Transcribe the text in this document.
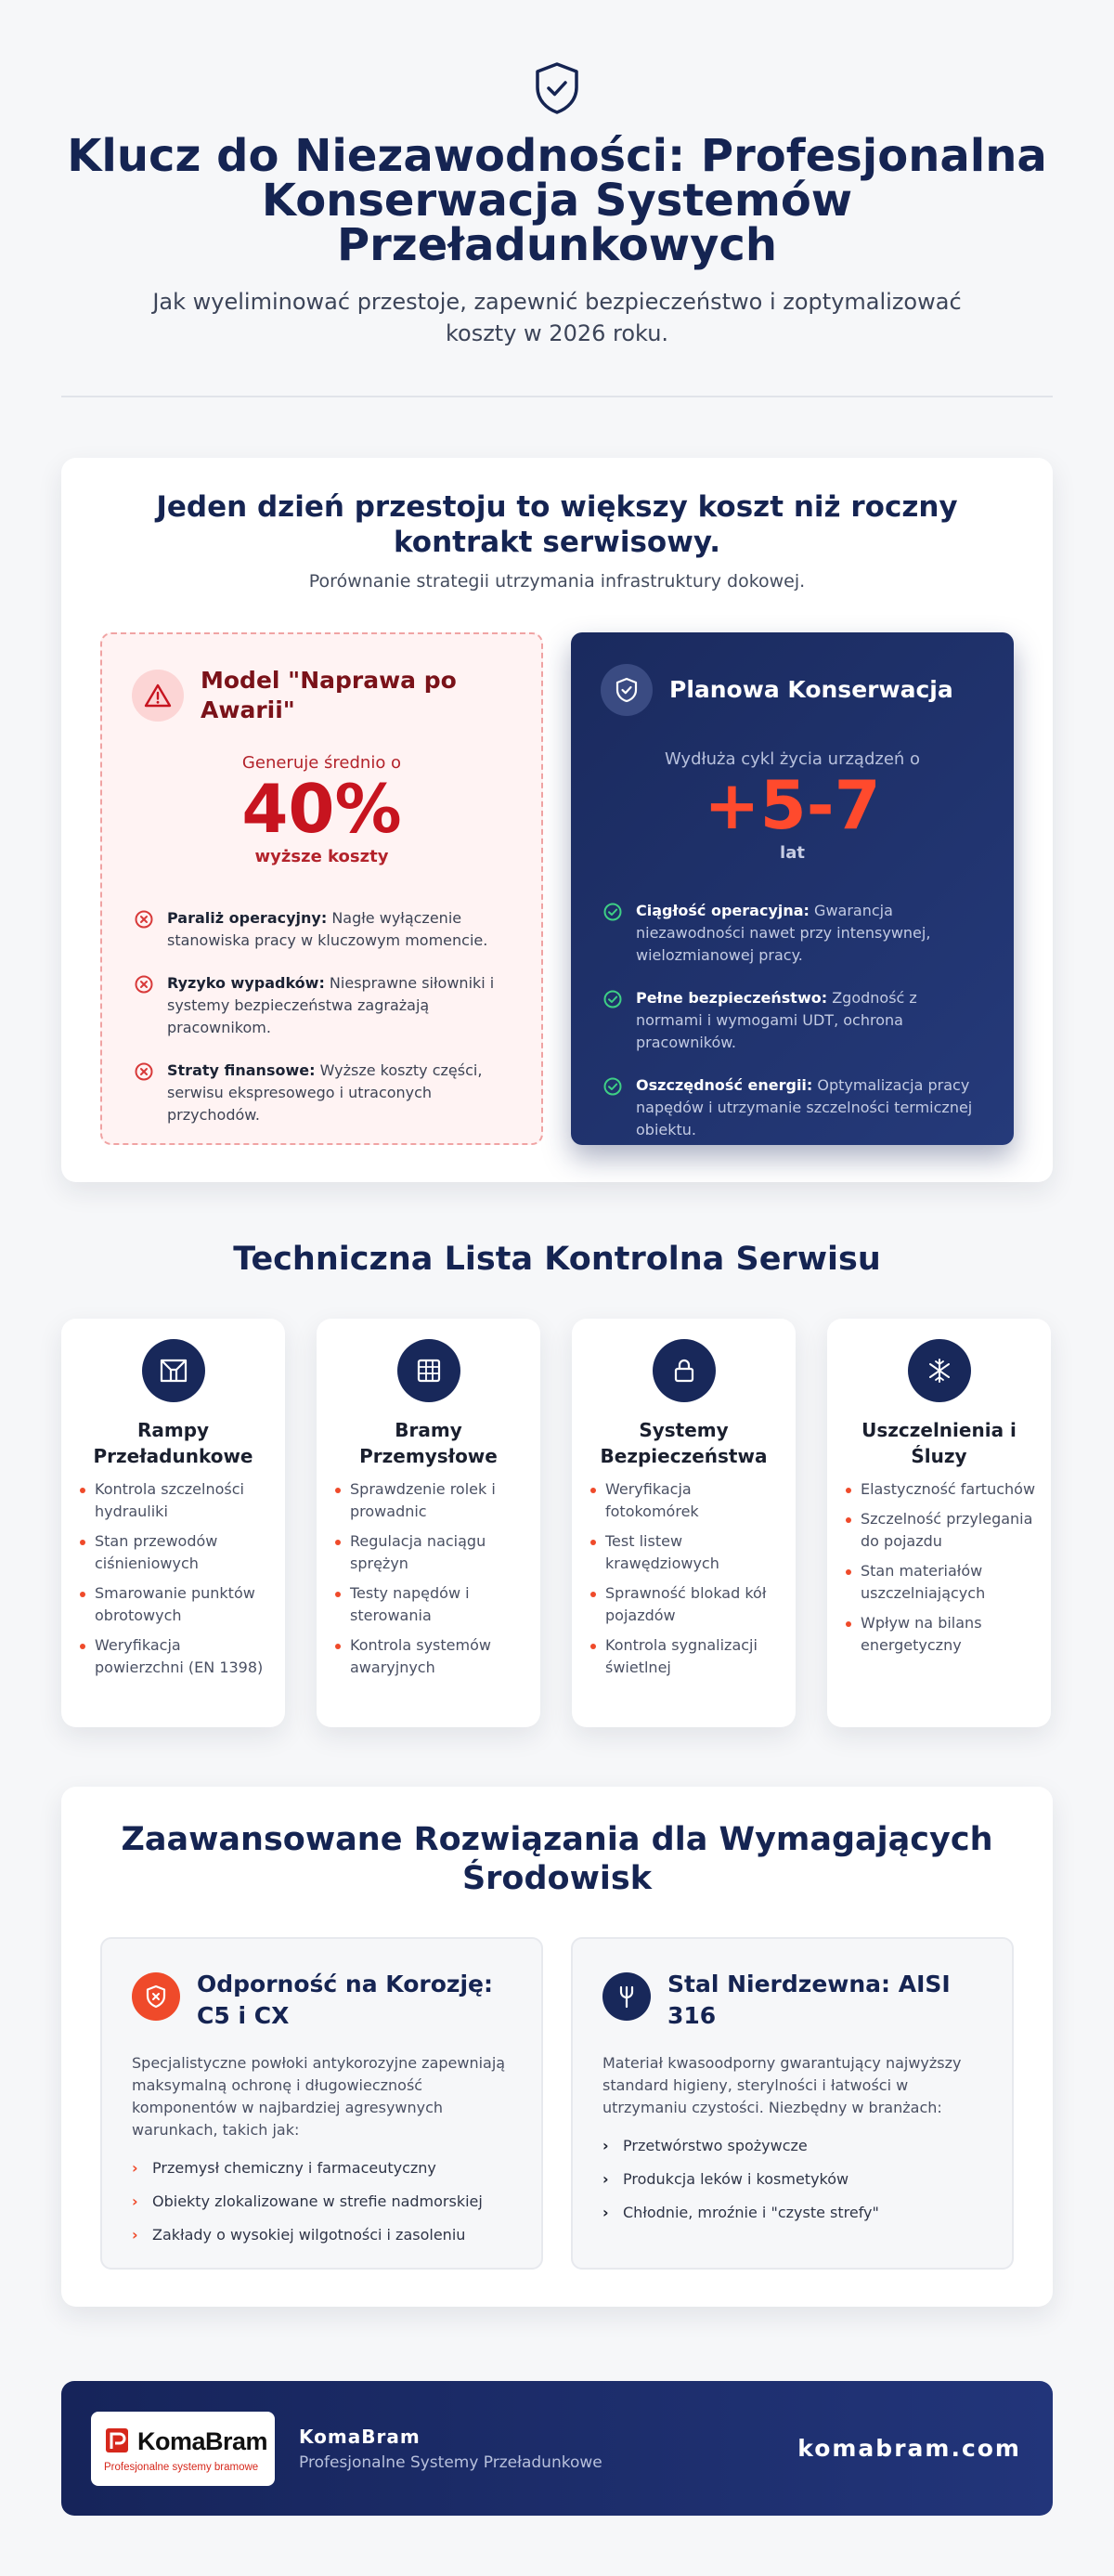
Klucz do Niezawodności: Profesjonalna Konserwacja Systemów Przeładunkowych

Jak wyeliminować przestoje, zapewnić bezpieczeństwo i zoptymalizować koszty w 2026 roku.

Jeden dzień przestoju to większy koszt niż roczny kontrakt serwisowy.

Porównanie strategii utrzymania infrastruktury dokowej.

Model "Naprawa po Awarii"
Generuje średnio o
40%
wyższe koszty
Paraliż operacyjny: Nagłe wyłączenie stanowiska pracy w kluczowym momencie.
Ryzyko wypadków: Niesprawne siłowniki i systemy bezpieczeństwa zagrażają pracownikom.
Straty finansowe: Wyższe koszty części, serwisu ekspresowego i utraconych przychodów.
Planowa Konserwacja
Wydłuża cykl życia urządzeń o
+5-7
lat
Ciągłość operacyjna: Gwarancja niezawodności nawet przy intensywnej, wielozmianowej pracy.
Pełne bezpieczeństwo: Zgodność z normami i wymogami UDT, ochrona pracowników.
Oszczędność energii: Optymalizacja pracy napędów i utrzymanie szczelności termicznej obiektu.
Techniczna Lista Kontrolna Serwisu
Rampy Przeładunkowe
Kontrola szczelności hydrauliki
Stan przewodów ciśnieniowych
Smarowanie punktów obrotowych
Weryfikacja powierzchni (EN 1398)
Bramy Przemysłowe
Sprawdzenie rolek i prowadnic
Regulacja naciągu sprężyn
Testy napędów i sterowania
Kontrola systemów awaryjnych
Systemy Bezpieczeństwa
Weryfikacja fotokomórek
Test listew krawędziowych
Sprawność blokad kół pojazdów
Kontrola sygnalizacji świetlnej
Uszczelnienia i Śluzy
Elastyczność fartuchów
Szczelność przylegania do pojazdu
Stan materiałów uszczelniających
Wpływ na bilans energetyczny
Zaawansowane Rozwiązania dla Wymagających Środowisk
Odporność na Korozję: C5 i CX

Specjalistyczne powłoki antykorozyjne zapewniają maksymalną ochronę i długowieczność komponentów w najbardziej agresywnych warunkach, takich jak:

› Przemysł chemiczny i farmaceutyczny
› Obiekty zlokalizowane w strefie nadmorskiej
› Zakłady o wysokiej wilgotności i zasoleniu
Stal Nierdzewna: AISI 316

Materiał kwasoodporny gwarantujący najwyższy standard higieny, sterylności i łatwości w utrzymaniu czystości. Niezbędny w branżach:

› Przetwórstwo spożywcze
› Produkcja leków i kosmetyków
› Chłodnie, mroźnie i "czyste strefy"
KomaBram
Profesjonalne systemy bramowe
KomaBram
Profesjonalne Systemy Przeładunkowe
komabram.com
